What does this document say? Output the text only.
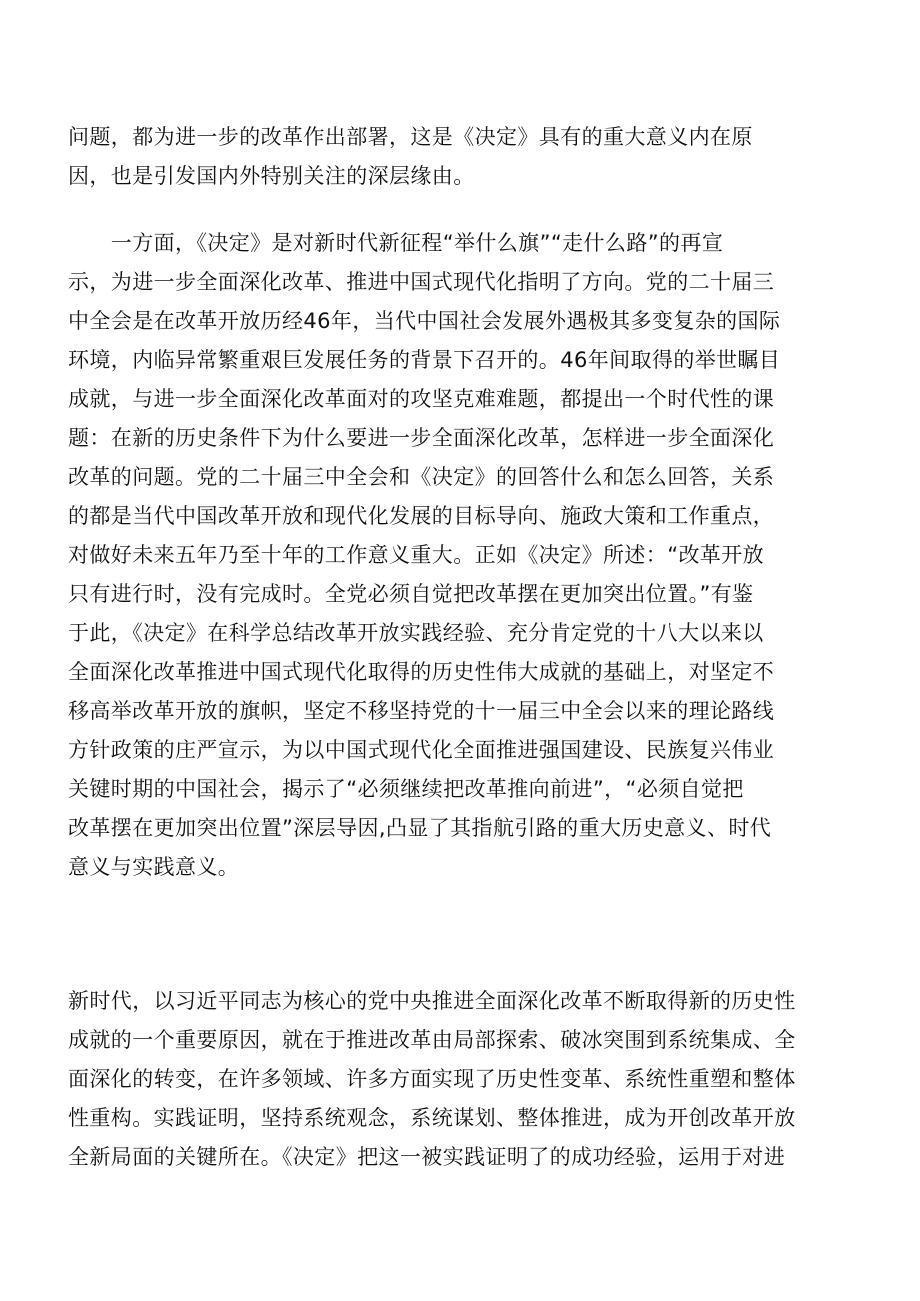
问题，都为进一步的改革作出部署，这是《决定》具有的重大意义内在原
因，也是引发国内外特别关注的深层缘由。
　　一方面，《决定》是对新时代新征程“举什么旗”“走什么路”的再宣
示，为进一步全面深化改革、推进中国式现代化指明了方向。党的二十届三
中全会是在改革开放历经46年，当代中国社会发展外遇极其多变复杂的国际
环境，内临异常繁重艰巨发展任务的背景下召开的。46年间取得的举世瞩目
成就，与进一步全面深化改革面对的攻坚克难难题，都提出一个时代性的课
题：在新的历史条件下为什么要进一步全面深化改革，怎样进一步全面深化
改革的问题。党的二十届三中全会和《决定》的回答什么和怎么回答，关系
的都是当代中国改革开放和现代化发展的目标导向、施政大策和工作重点，
对做好未来五年乃至十年的工作意义重大。正如《决定》所述：“改革开放
只有进行时，没有完成时。全党必须自觉把改革摆在更加突出位置。”有鉴
于此，《决定》在科学总结改革开放实践经验、充分肯定党的十八大以来以
全面深化改革推进中国式现代化取得的历史性伟大成就的基础上，对坚定不
移高举改革开放的旗帜，坚定不移坚持党的十一届三中全会以来的理论路线
方针政策的庄严宣示，为以中国式现代化全面推进强国建设、民族复兴伟业
关键时期的中国社会，揭示了“必须继续把改革推向前进”，“必须自觉把
改革摆在更加突出位置”深层导因,凸显了其指航引路的重大历史意义、时代
意义与实践意义。
新时代，以习近平同志为核心的党中央推进全面深化改革不断取得新的历史性
成就的一个重要原因，就在于推进改革由局部探索、破冰突围到系统集成、全
面深化的转变，在许多领域、许多方面实现了历史性变革、系统性重塑和整体
性重构。实践证明，坚持系统观念，系统谋划、整体推进，成为开创改革开放
全新局面的关键所在。《决定》把这一被实践证明了的成功经验，运用于对进
